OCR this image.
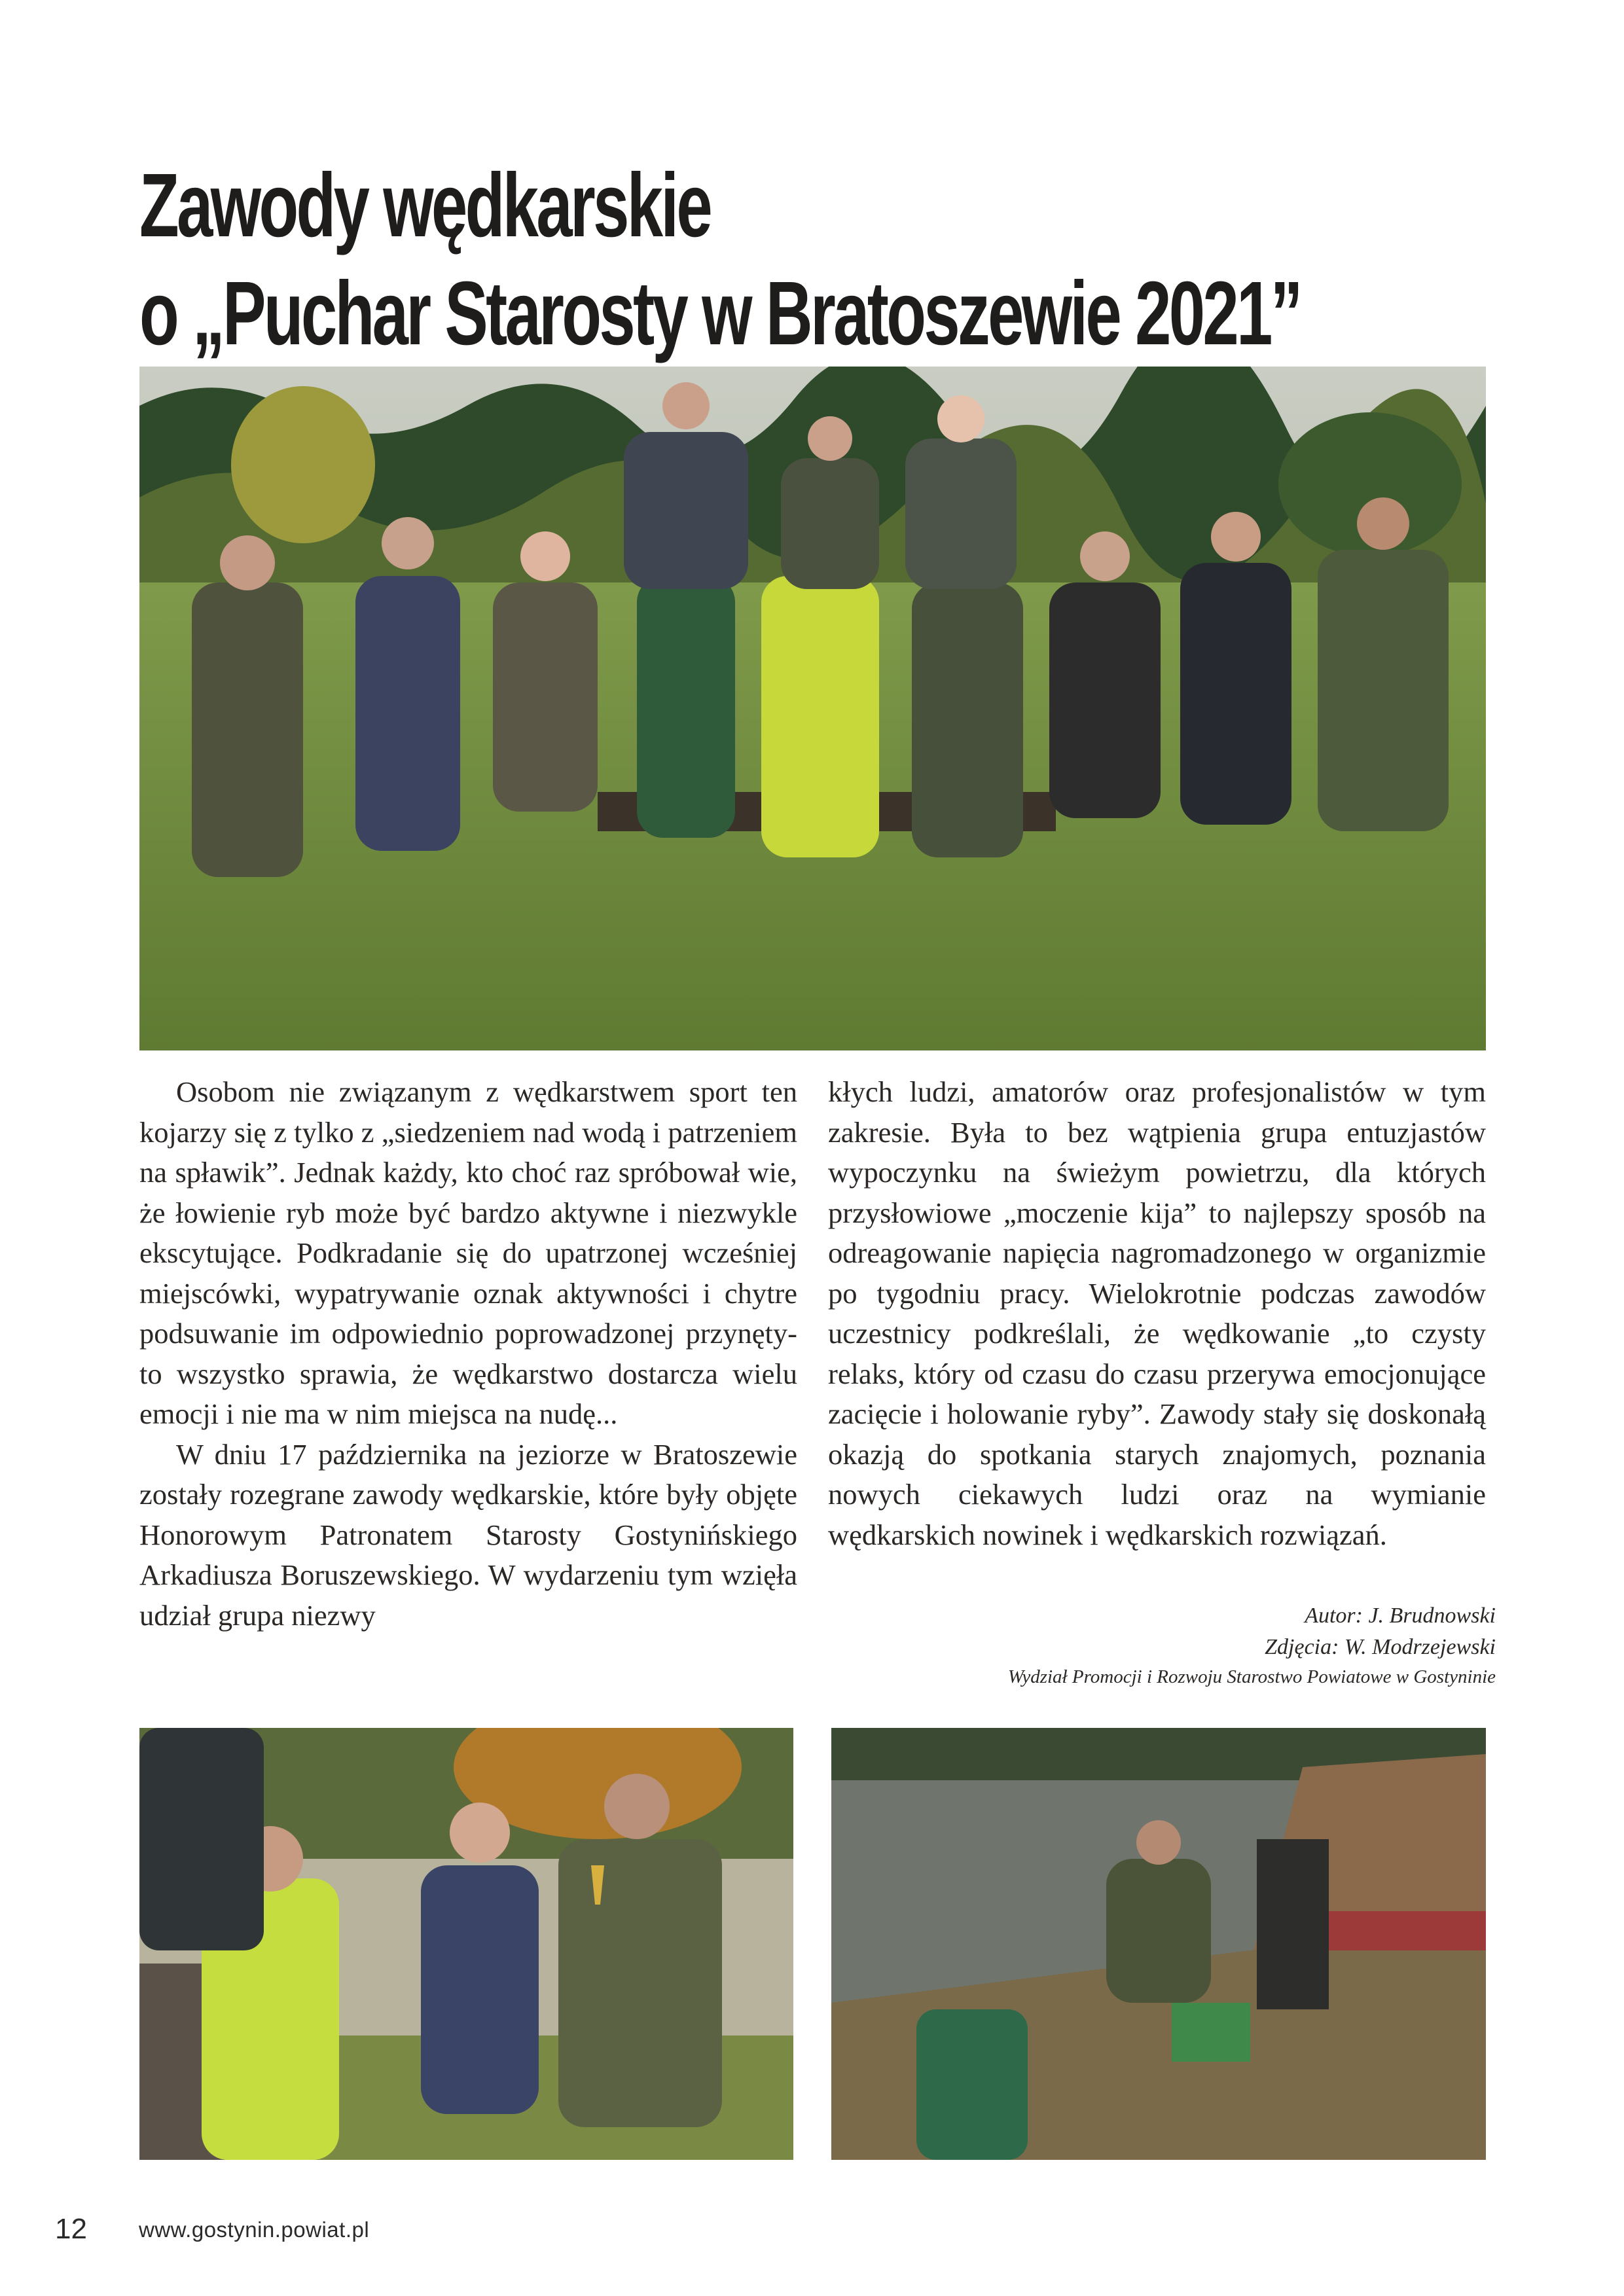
Zawody wędkarskie
o „Puchar Starosty w Bratoszewie 2021”

Osobom nie związanym z wędkarstwem sport ten kojarzy się z tylko z „siedzeniem nad wodą i patrzeniem na spławik”. Jednak każdy, kto choć raz spróbował wie, że łowienie ryb może być bardzo aktywne i niezwykle ekscytujące. Podkradanie się do upatrzonej wcześniej miejscówki, wypatrywanie oznak aktywności i chytre podsuwanie im odpowiednio poprowadzonej przynęty-to wszystko sprawia, że wędkarstwo dostarcza wielu emocji i nie ma w nim miejsca na nudę...

W dniu 17 października na jeziorze w Bratoszewie zostały rozegrane zawody wędkarskie, które były objęte Honorowym Patronatem Starosty Gostynińskiego Arkadiusza Boruszewskiego. W wydarzeniu tym wzięła udział grupa niezwy

kłych ludzi, amatorów oraz profesjonalistów w tym zakresie. Była to bez wątpienia grupa entuzjastów wypoczynku na świeżym powietrzu, dla których przysłowiowe „moczenie kija” to najlepszy sposób na odreagowanie napięcia nagromadzonego w organizmie po tygodniu pracy. Wielokrotnie podczas zawodów uczestnicy podkreślali, że wędkowanie „to czysty relaks, który od czasu do czasu przerywa emocjonujące zacięcie i holowanie ryby”. Zawody stały się doskonałą okazją do spotkania starych znajomych, poznania nowych ciekawych ludzi oraz na wymianie wędkarskich nowinek i wędkarskich rozwiązań.

Autor: J. Brudnowski
Zdjęcia: W. Modrzejewski
Wydział Promocji i Rozwoju Starostwo Powiatowe w Gostyninie
12 www.gostynin.powiat.pl
